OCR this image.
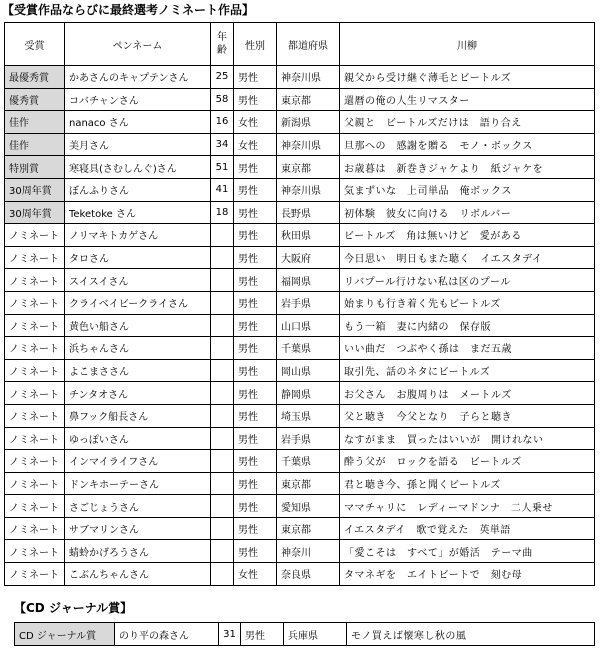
【受賞作品ならびに最終選考ノミネート作品】
受賞	ペンネーム	年齢	性別	都道府県	川柳
最優秀賞	かあさんのキャプテンさん	25	男性	神奈川県	親父から受け継ぐ薄毛とビートルズ
優秀賞	コバチャンさん	58	男性	東京都	還暦の俺の人生リマスター
佳作	nanaco さん	16	女性	新潟県	父親と　ビートルズだけは　語り合え
佳作	美月さん	34	女性	神奈川県	旦那への　感謝を贈る　モノ・ボックス
特別賞	寒寝具(さむしんぐ)さん	51	男性	東京都	お歳暮は　新巻きジャケより　紙ジャケを
30周年賞	ぼんふりさん	41	男性	神奈川県	気まずいな　上司単品　俺ボックス
30周年賞	Teketoke さん	18	男性	長野県	初体験　彼女に向ける　リボルバー
ノミネート	ノリマキトカゲさん		男性	秋田県	ビートルズ　角は無いけど　愛がある
ノミネート	タロさん		男性	大阪府	今日思い　明日もまた聴く　イエスタデイ
ノミネート	スイスイさん		男性	福岡県	リバプール行けない私は区のプール
ノミネート	クライベイビークライさん		男性	岩手県	始まりも行き着く先もビートルズ
ノミネート	黄色い船さん		男性	山口県	もう一箱　妻に内緒の　保存版
ノミネート	浜ちゃんさん		男性	千葉県	いい曲だ　つぶやく孫は　まだ五歳
ノミネート	よこまささん		男性	岡山県	取引先、話のネタにビートルズ
ノミネート	チンタオさん		男性	静岡県	お父さん　お腹周りは　メートルズ
ノミネート	鼻フック船長さん		男性	埼玉県	父と聴き　今父となり　子らと聴き
ノミネート	ゆっぽいさん		男性	岩手県	なすがまま　買ったはいいが　開けれない
ノミネート	インマイライフさん		男性	千葉県	酔う父が　ロックを語る　ビートルズ
ノミネート	ドンキホーテーさん		男性	東京都	君と聴き今、孫と聞くビートルズ
ノミネート	さごじょうさん		男性	愛知県	ママチャリに　レディーマドンナ　二人乗せ
ノミネート	サブマリンさん		男性	東京都	イエスタデイ　歌で覚えた　英単語
ノミネート	蜻蛉かげろうさん		男性	神奈川	「愛こそは　すべて」が婚活　テーマ曲
ノミネート	こぶんちゃんさん		女性	奈良県	タマネギを　エイトビートで　刻む母
【CD ジャーナル賞】
CD ジャーナル賞	のり平の森さん	31	男性	兵庫県	モノ買えば懐寒し秋の風
